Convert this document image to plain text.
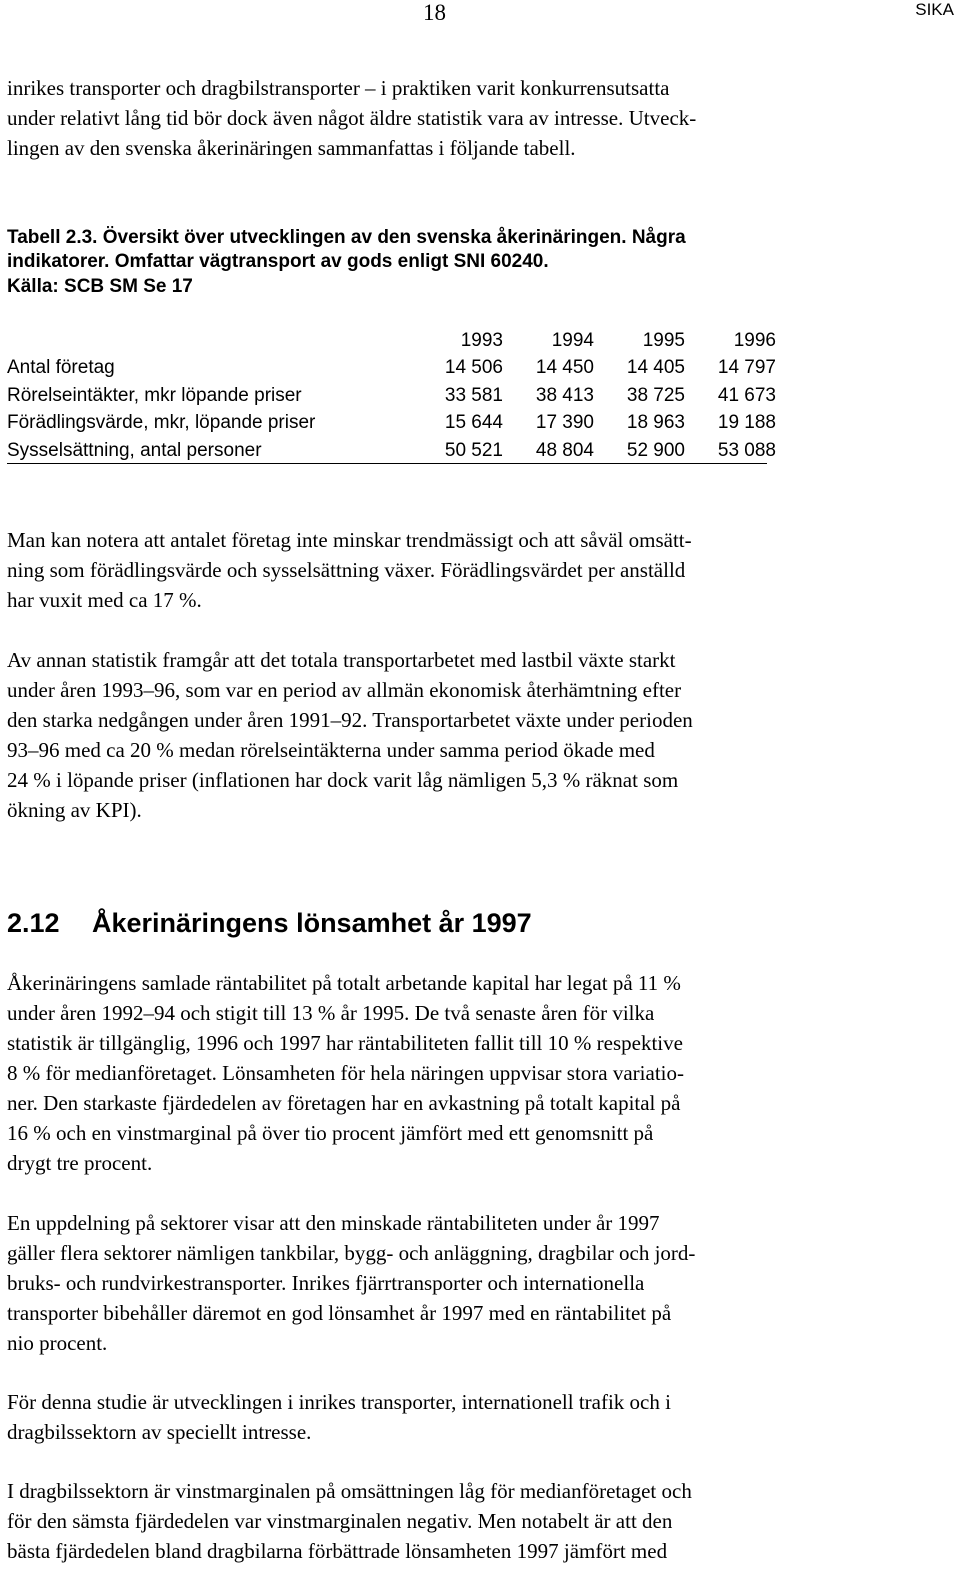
18	SIKA

inrikes transporter och dragbilstransporter – i praktiken varit konkurrensutsatta
under relativt lång tid bör dock även något äldre statistik vara av intresse. Utveck-
lingen av den svenska åkerinäringen sammanfattas i följande tabell.

Tabell 2.3. Översikt över utvecklingen av den svenska åkerinäringen. Några
indikatorer. Omfattar vägtransport av gods enligt SNI 60240.
Källa: SCB SM Se 17

	1993	1994	1995	1996
Antal företag	14 506	14 450	14 405	14 797
Rörelseintäkter, mkr löpande priser	33 581	38 413	38 725	41 673
Förädlingsvärde, mkr, löpande priser	15 644	17 390	18 963	19 188
Sysselsättning, antal personer	50 521	48 804	52 900	53 088

Man kan notera att antalet företag inte minskar trendmässigt och att såväl omsätt-
ning som förädlingsvärde och sysselsättning växer. Förädlingsvärdet per anställd
har vuxit med ca 17 %.

Av annan statistik framgår att det totala transportarbetet med lastbil växte starkt
under åren 1993–96, som var en period av allmän ekonomisk återhämtning efter
den starka nedgången under åren 1991–92. Transportarbetet växte under perioden
93–96 med ca 20 % medan rörelseintäkterna under samma period ökade med
24 % i löpande priser (inflationen har dock varit låg nämligen 5,3 % räknat som
ökning av KPI).

2.12 Åkerinäringens lönsamhet år 1997

Åkerinäringens samlade räntabilitet på totalt arbetande kapital har legat på 11 %
under åren 1992–94 och stigit till 13 % år 1995. De två senaste åren för vilka
statistik är tillgänglig, 1996 och 1997 har räntabiliteten fallit till 10 % respektive
8 % för medianföretaget. Lönsamheten för hela näringen uppvisar stora variatio-
ner. Den starkaste fjärdedelen av företagen har en avkastning på totalt kapital på
16 % och en vinstmarginal på över tio procent jämfört med ett genomsnitt på
drygt tre procent.

En uppdelning på sektorer visar att den minskade räntabiliteten under år 1997
gäller flera sektorer nämligen tankbilar, bygg- och anläggning, dragbilar och jord-
bruks- och rundvirkestransporter. Inrikes fjärrtransporter och internationella
transporter bibehåller däremot en god lönsamhet år 1997 med en räntabilitet på
nio procent.

För denna studie är utvecklingen i inrikes transporter, internationell trafik och i
dragbilssektorn av speciellt intresse.

I dragbilssektorn är vinstmarginalen på omsättningen låg för medianföretaget och
för den sämsta fjärdedelen var vinstmarginalen negativ. Men notabelt är att den
bästa fjärdedelen bland dragbilarna förbättrade lönsamheten 1997 jämfört med
